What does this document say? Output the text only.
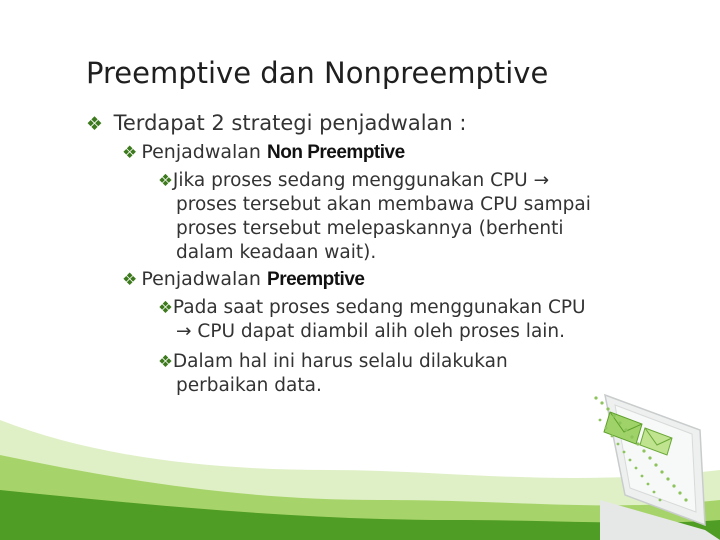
Preemptive dan Nonpreemptive
❖ Terdapat 2 strategi penjadwalan :
❖ Penjadwalan Non Preemptive
❖Jika proses sedang menggunakan CPU →
proses tersebut akan membawa CPU sampai
proses tersebut melepaskannya (berhenti
dalam keadaan wait).
❖ Penjadwalan Preemptive
❖Pada saat proses sedang menggunakan CPU
→ CPU dapat diambil alih oleh proses lain.
❖Dalam hal ini harus selalu dilakukan
perbaikan data.
